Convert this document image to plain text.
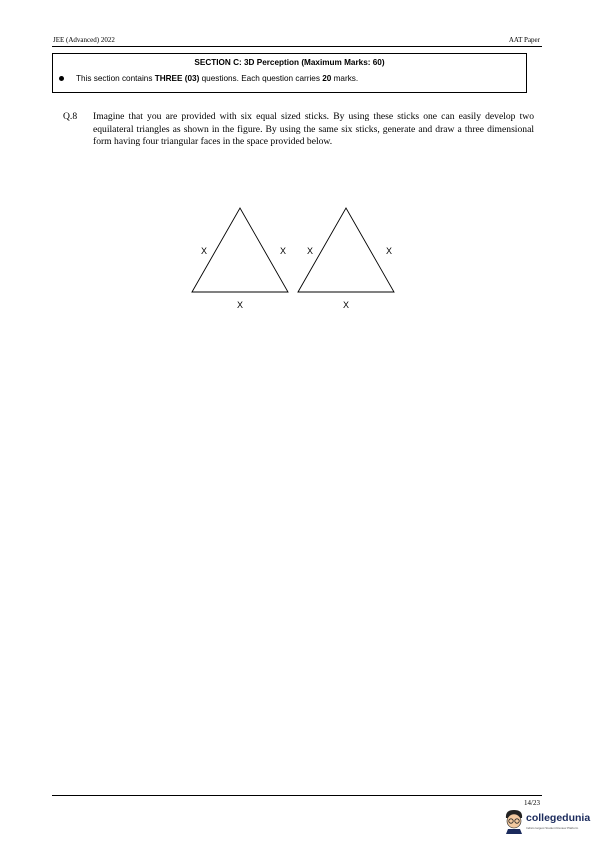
JEE (Advanced) 2022	AAT Paper
SECTION C: 3D Perception (Maximum Marks: 60)
This section contains THREE (03) questions. Each question carries 20 marks.
Q.8 Imagine that you are provided with six equal sized sticks. By using these sticks one can easily develop two equilateral triangles as shown in the figure. By using the same six sticks, generate and draw a three dimensional form having four triangular faces in the space provided below.

X	X
X
X	X
X
14/23
collegedunia
India's largest Student Review Platform
